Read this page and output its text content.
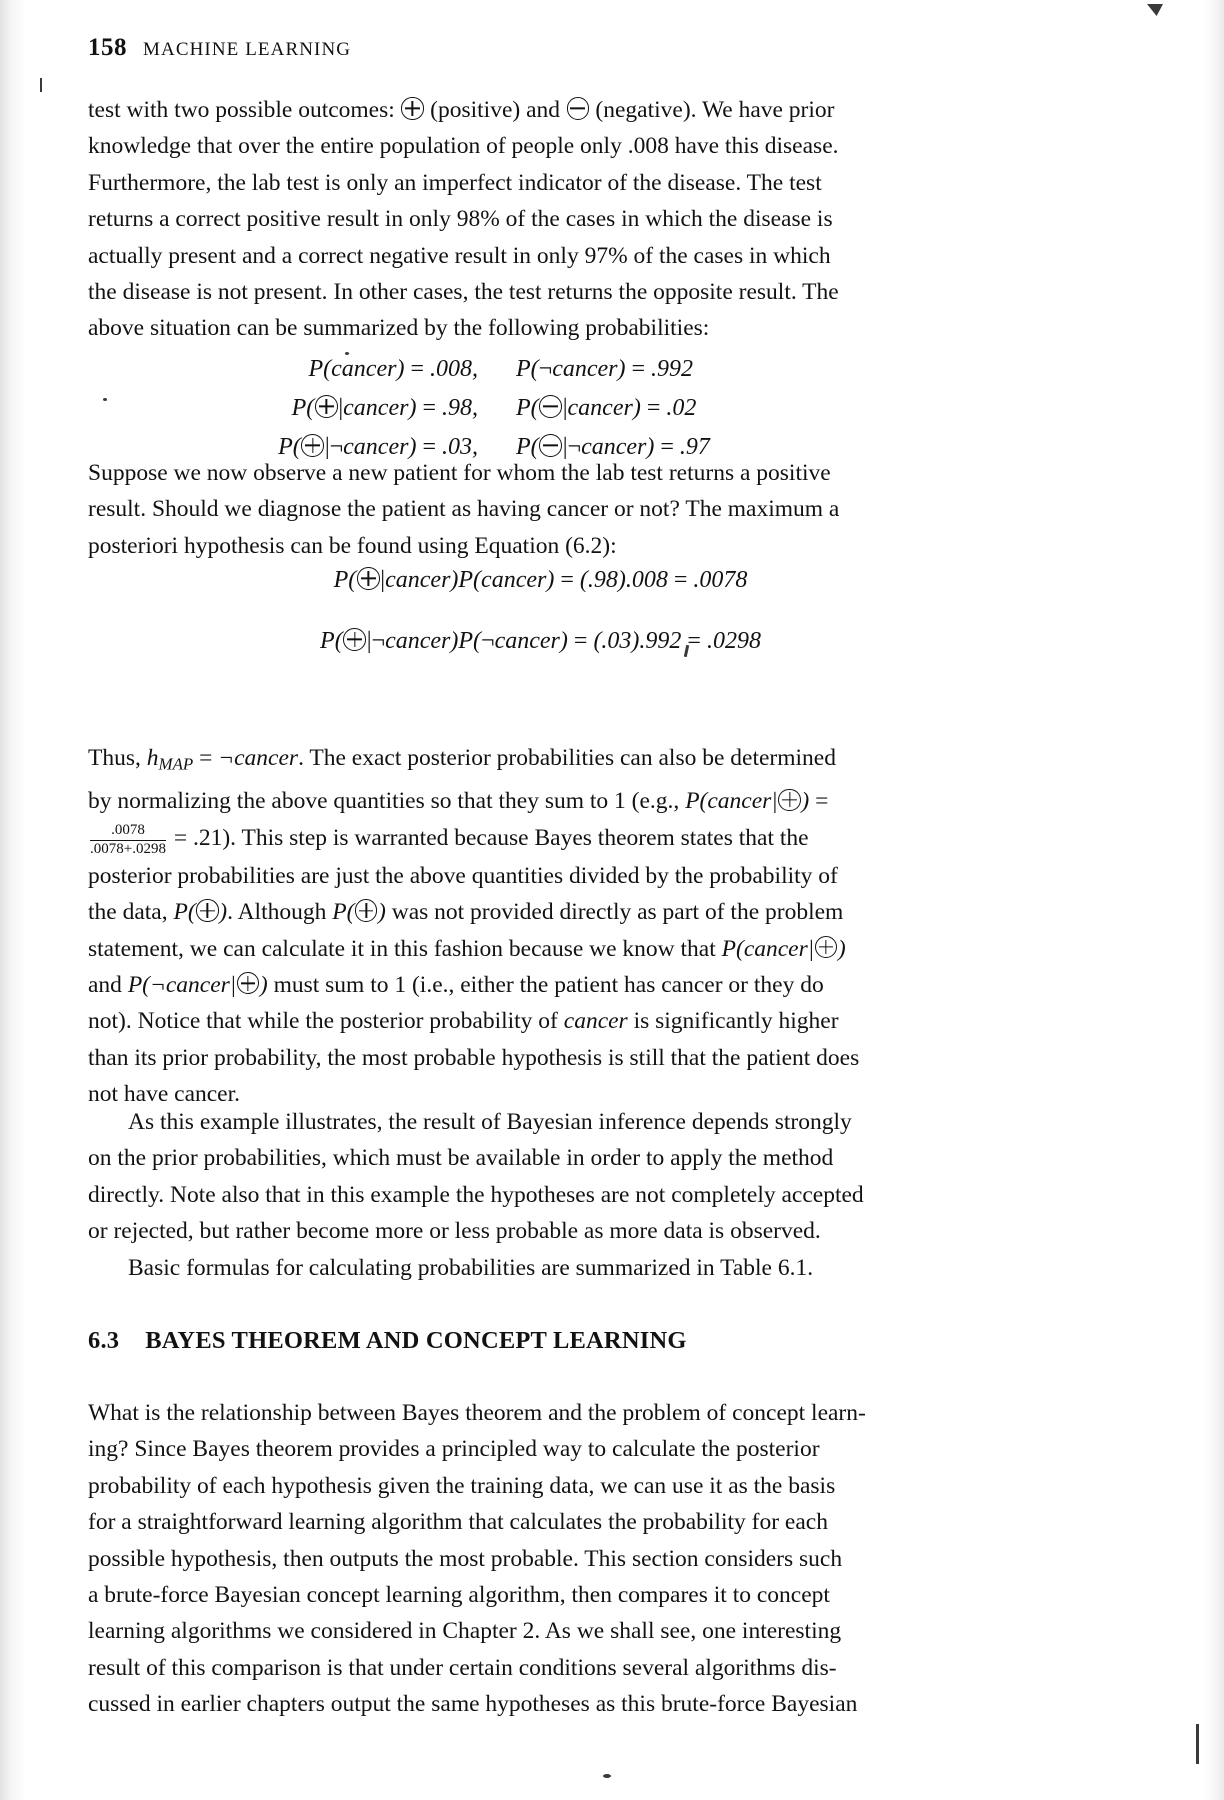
158 MACHINE LEARNING
test with two possible outcomes:  (positive) and  (negative). We have prior
knowledge that over the entire population of people only .008 have this disease.
Furthermore, the lab test is only an imperfect indicator of the disease. The test
returns a correct positive result in only 98% of the cases in which the disease is
actually present and a correct negative result in only 97% of the cases in which
the disease is not present. In other cases, the test returns the opposite result. The
above situation can be summarized by the following probabilities:
P(cancer) = .008,	P(¬cancer) = .992
P( |cancer) = .98,	P( |cancer) = .02
P( |¬cancer) = .03,	P( |¬cancer) = .97
Suppose we now observe a new patient for whom the lab test returns a positive
result. Should we diagnose the patient as having cancer or not? The maximum a
posteriori hypothesis can be found using Equation (6.2):
P( |cancer)P(cancer) = (.98).008 = .0078
P( |¬cancer)P(¬cancer) = (.03).992 = .0298
Thus, $h_{MAP}$ = ¬cancer. The exact posterior probabilities can also be determined
by normalizing the above quantities so that they sum to 1 (e.g., P(cancer| ) =
$\frac{.0078}{.0078+.0298} = .21$). This step is warranted because Bayes theorem states that the
posterior probabilities are just the above quantities divided by the probability of
the data, P( ). Although P( ) was not provided directly as part of the problem
statement, we can calculate it in this fashion because we know that P(cancer| )
and P(¬cancer| ) must sum to 1 (i.e., either the patient has cancer or they do
not). Notice that while the posterior probability of cancer is significantly higher
than its prior probability, the most probable hypothesis is still that the patient does
not have cancer.
As this example illustrates, the result of Bayesian inference depends strongly
on the prior probabilities, which must be available in order to apply the method
directly. Note also that in this example the hypotheses are not completely accepted
or rejected, but rather become more or less probable as more data is observed.
Basic formulas for calculating probabilities are summarized in Table 6.1.
6.3 BAYES THEOREM AND CONCEPT LEARNING
What is the relationship between Bayes theorem and the problem of concept learn-
ing? Since Bayes theorem provides a principled way to calculate the posterior
probability of each hypothesis given the training data, we can use it as the basis
for a straightforward learning algorithm that calculates the probability for each
possible hypothesis, then outputs the most probable. This section considers such
a brute-force Bayesian concept learning algorithm, then compares it to concept
learning algorithms we considered in Chapter 2. As we shall see, one interesting
result of this comparison is that under certain conditions several algorithms dis-
cussed in earlier chapters output the same hypotheses as this brute-force Bayesian
